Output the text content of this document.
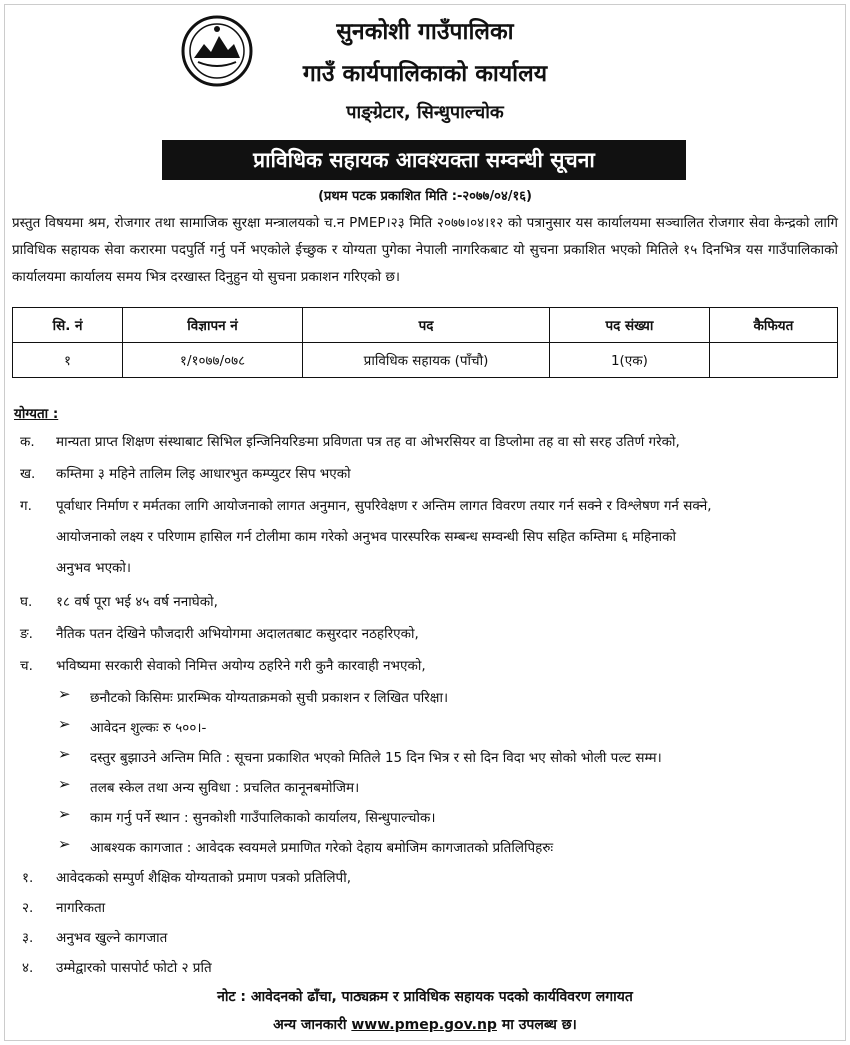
सुनकोशी गाउँपालिका
गाउँ कार्यपालिकाको कार्यालय
पाङ्ग्रेटार, सिन्धुपाल्चोक
प्राविधिक सहायक आवश्यक्ता सम्वन्धी सूचना
(प्रथम पटक प्रकाशित मिति :-२०७७/०४/१६)
प्रस्तुत विषयमा श्रम, रोजगार तथा सामाजिक सुरक्षा मन्त्रालयको च.न PMEP।२३ मिति २०७७।०४।१२ को पत्रानुसार यस कार्यालयमा सञ्चालित रोजगार सेवा केन्द्रको लागि प्राविधिक सहायक सेवा करारमा पदपुर्ति गर्नु पर्ने भएकोले ईच्छुक र योग्यता पुगेका नेपाली नागरिकबाट यो सुचना प्रकाशित भएको मितिले १५ दिनभित्र यस गाउँपालिकाको कार्यालयमा कार्यालय समय भित्र दरखास्त दिनुहुन यो सुचना प्रकाशन गरिएको छ।
सि. नं	विज्ञापन नं	पद	पद संख्या	कैफियत
१	१/१०७७/०७८	प्राविधिक सहायक (पाँचौ)	1(एक)	
योग्यता :
क. मान्यता प्राप्त शिक्षण संस्थाबाट सिभिल इन्जिनियरिङमा प्रविणता पत्र तह वा ओभरसियर वा डिप्लोमा तह वा सो सरह उतिर्ण गरेको,
ख. कम्तिमा ३ महिने तालिम लिइ आधारभुत कम्प्युटर सिप भएको
ग. पूर्वाधार निर्माण र मर्मतका लागि आयोजनाको लागत अनुमान, सुपरिवेक्षण र अन्तिम लागत विवरण तयार गर्न सक्ने र विश्लेषण गर्न सक्ने,
आयोजनाको लक्ष्य र परिणाम हासिल गर्न टोलीमा काम गरेको अनुभव पारस्परिक सम्बन्ध सम्वन्धी सिप सहित कम्तिमा ६ महिनाको
अनुभव भएको।
घ. १८ वर्ष पूरा भई ४५ वर्ष ननाघेको,
ङ. नैतिक पतन देखिने फौजदारी अभियोगमा अदालतबाट कसुरदार नठहरिएको,
च. भविष्यमा सरकारी सेवाको निमित्त अयोग्य ठहरिने गरी कुनै कारवाही नभएको,
➢ छनौटको किसिमः प्रारम्भिक योग्यताक्रमको सुची प्रकाशन र लिखित परिक्षा।
➢ आवेदन शुल्कः रु ५००।-
➢ दस्तुर बुझाउने अन्तिम मिति : सूचना प्रकाशित भएको मितिले 15 दिन भित्र र सो दिन विदा भए सोको भोली पल्ट सम्म।
➢ तलब स्केल तथा अन्य सुविधा : प्रचलित कानूनबमोजिम।
➢ काम गर्नु पर्ने स्थान : सुनकोशी गाउँपालिकाको कार्यालय, सिन्धुपाल्चोक।
➢ आबश्यक कागजात : आवेदक स्वयमले प्रमाणित गरेको देहाय बमोजिम कागजातको प्रतिलिपिहरुः
१. आवेदकको सम्पुर्ण शैक्षिक योग्यताको प्रमाण पत्रको प्रतिलिपी,
२. नागरिकता
३. अनुभव खुल्ने कागजात
४. उम्मेद्वारको पासपोर्ट फोटो २ प्रति
नोट : आवेदनको ढाँचा, पाठ्यक्रम र प्राविधिक सहायक पदको कार्यविवरण लगायत
अन्य जानकारी www.pmep.gov.np मा उपलब्ध छ।
